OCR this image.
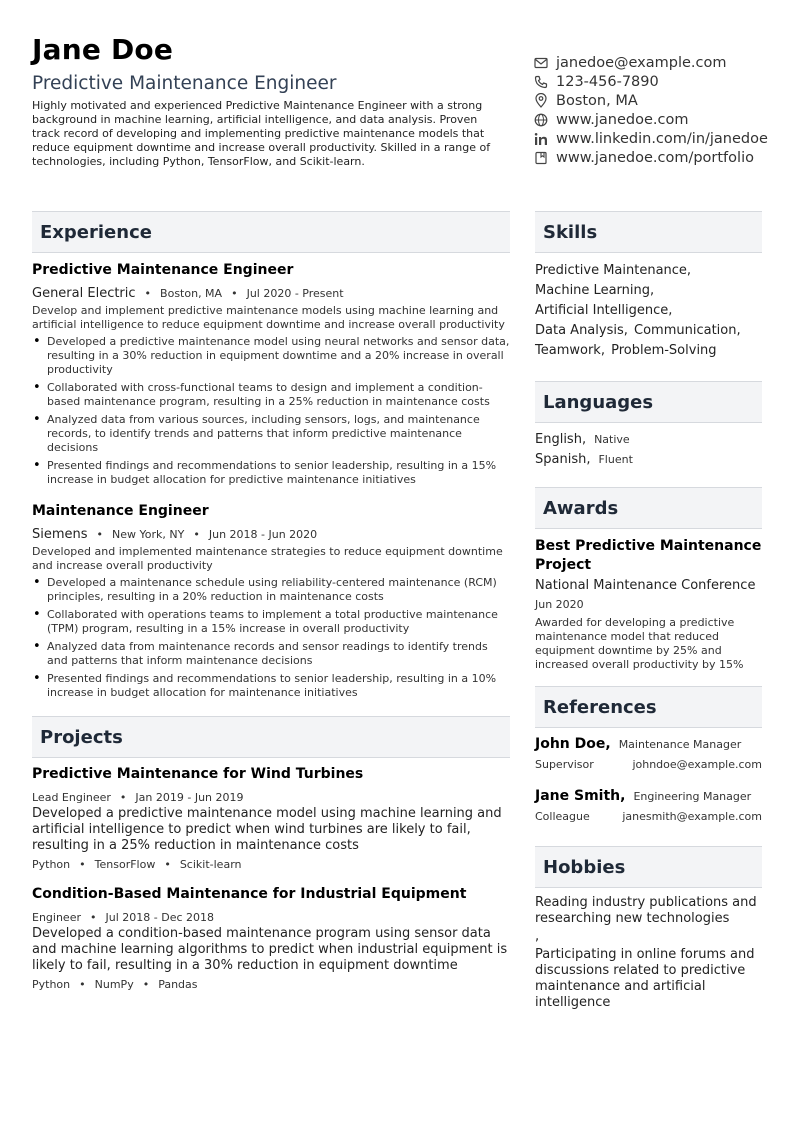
Jane Doe
Predictive Maintenance Engineer
Highly motivated and experienced Predictive Maintenance Engineer with a strong background in machine learning, artificial intelligence, and data analysis. Proven track record of developing and implementing predictive maintenance models that reduce equipment downtime and increase overall productivity. Skilled in a range of technologies, including Python, TensorFlow, and Scikit-learn.
janedoe@example.com
123-456-7890
Boston, MA
www.janedoe.com
www.linkedin.com/in/janedoe
www.janedoe.com/portfolio
Experience
Predictive Maintenance Engineer
General Electric • Boston, MA • Jul 2020 - Present
Develop and implement predictive maintenance models using machine learning and artificial intelligence to reduce equipment downtime and increase overall productivity
• Developed a predictive maintenance model using neural networks and sensor data, resulting in a 30% reduction in equipment downtime and a 20% increase in overall productivity
• Collaborated with cross-functional teams to design and implement a condition-based maintenance program, resulting in a 25% reduction in maintenance costs
• Analyzed data from various sources, including sensors, logs, and maintenance records, to identify trends and patterns that inform predictive maintenance decisions
• Presented findings and recommendations to senior leadership, resulting in a 15% increase in budget allocation for predictive maintenance initiatives
Maintenance Engineer
Siemens • New York, NY • Jun 2018 - Jun 2020
Developed and implemented maintenance strategies to reduce equipment downtime and increase overall productivity
• Developed a maintenance schedule using reliability-centered maintenance (RCM) principles, resulting in a 20% reduction in maintenance costs
• Collaborated with operations teams to implement a total productive maintenance (TPM) program, resulting in a 15% increase in overall productivity
• Analyzed data from maintenance records and sensor readings to identify trends and patterns that inform maintenance decisions
• Presented findings and recommendations to senior leadership, resulting in a 10% increase in budget allocation for maintenance initiatives
Projects
Predictive Maintenance for Wind Turbines
Lead Engineer • Jan 2019 - Jun 2019
Developed a predictive maintenance model using machine learning and artificial intelligence to predict when wind turbines are likely to fail, resulting in a 25% reduction in maintenance costs
Python • TensorFlow • Scikit-learn
Condition-Based Maintenance for Industrial Equipment
Engineer • Jul 2018 - Dec 2018
Developed a condition-based maintenance program using sensor data and machine learning algorithms to predict when industrial equipment is likely to fail, resulting in a 30% reduction in equipment downtime
Python • NumPy • Pandas
Skills
Predictive Maintenance,
Machine Learning,
Artificial Intelligence,
Data Analysis, Communication,
Teamwork, Problem-Solving
Languages
English, Native
Spanish, Fluent
Awards
Best Predictive Maintenance Project
National Maintenance Conference
Jun 2020
Awarded for developing a predictive maintenance model that reduced equipment downtime by 25% and increased overall productivity by 15%
References
John Doe, Maintenance Manager
Supervisor	johndoe@example.com
Jane Smith, Engineering Manager
Colleague	janesmith@example.com
Hobbies
Reading industry publications and researching new technologies
,
Participating in online forums and discussions related to predictive maintenance and artificial intelligence
